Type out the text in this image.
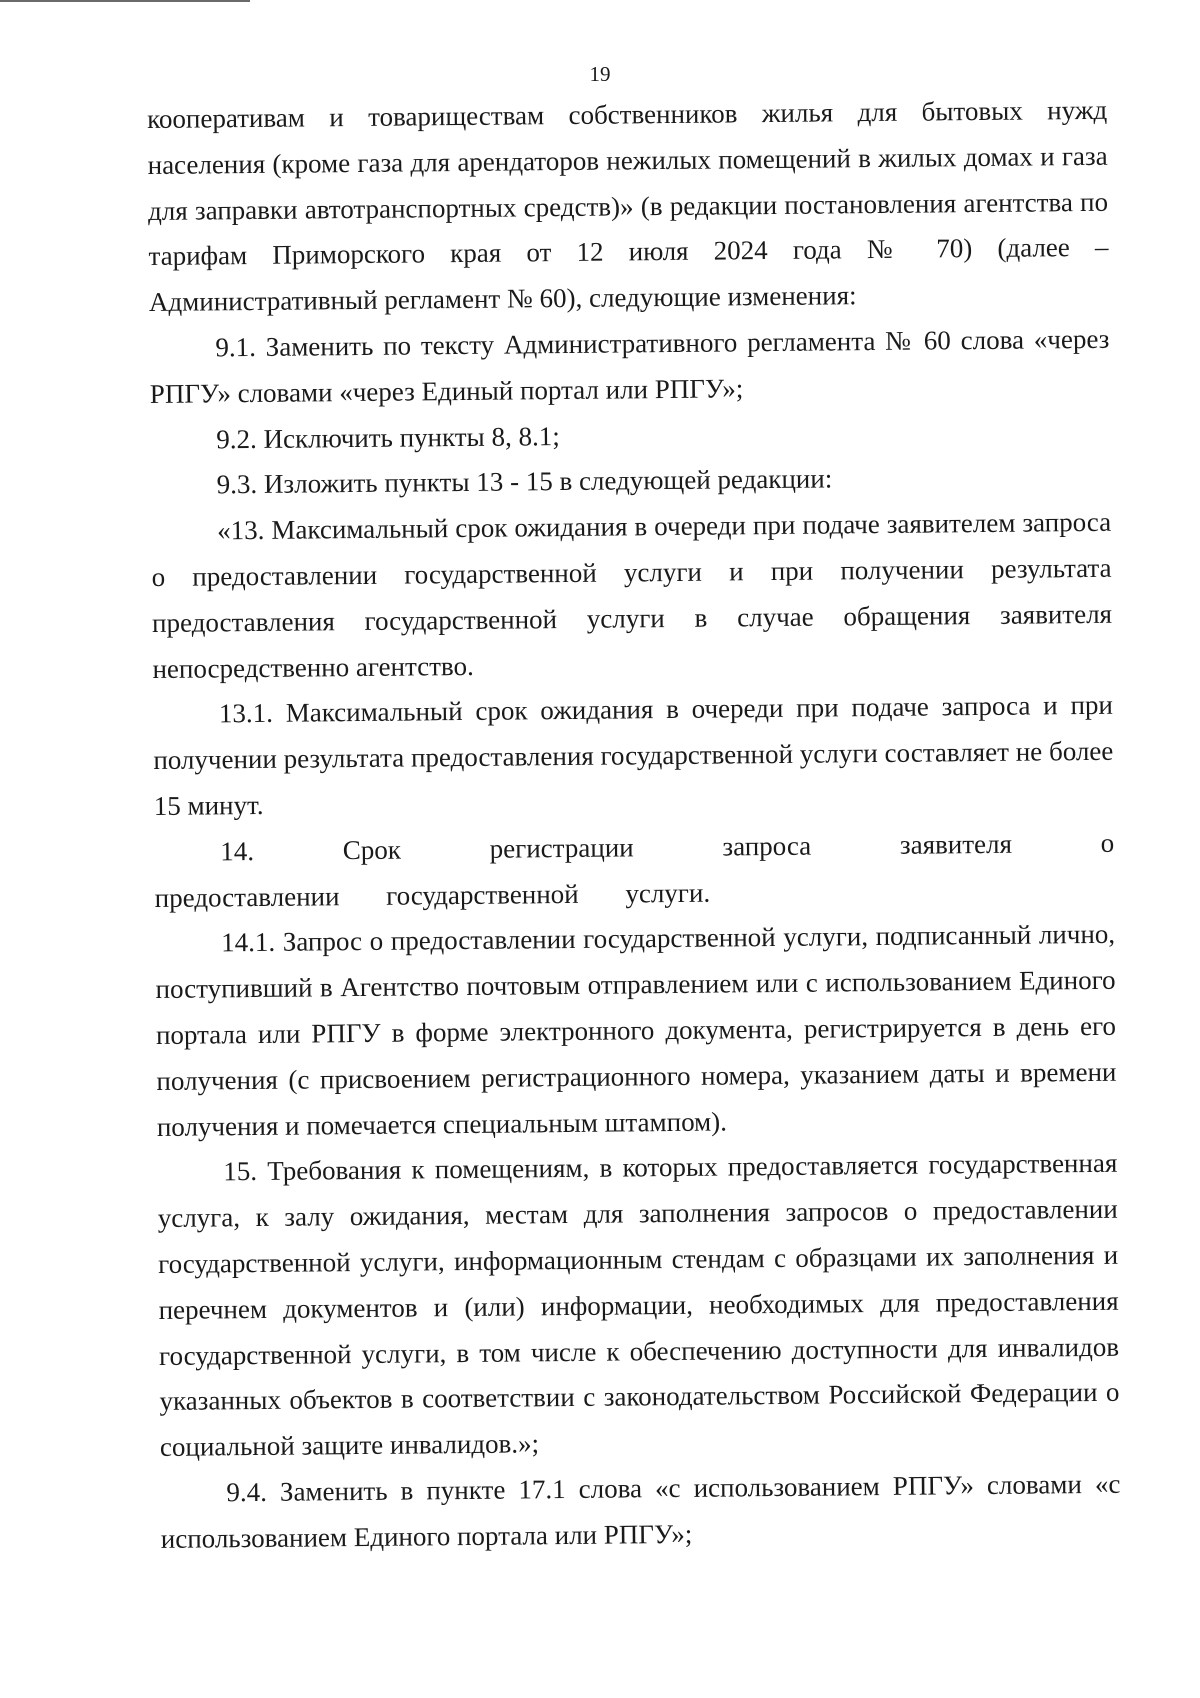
19

кооперативам и товариществам собственников жилья для бытовых нужд населения (кроме газа для арендаторов нежилых помещений в жилых домах и газа для заправки автотранспортных средств)» (в редакции постановления агентства по тарифам Приморского края от 12 июля 2024 года № 70) (далее – Административный регламент № 60), следующие изменения:

9.1. Заменить по тексту Административного регламента № 60 слова «через РПГУ» словами «через Единый портал или РПГУ»;

9.2. Исключить пункты 8, 8.1;

9.3. Изложить пункты 13 - 15 в следующей редакции:

«13. Максимальный срок ожидания в очереди при подаче заявителем запроса о предоставлении государственной услуги и при получении результата предоставления государственной услуги в случае обращения заявителя непосредственно агентство.

13.1. Максимальный срок ожидания в очереди при подаче запроса и при получении результата предоставления государственной услуги составляет не более 15 минут.

14. Срок регистрации запроса заявителя о предоставлении государственной услуги.

14.1. Запрос о предоставлении государственной услуги, подписанный лично, поступивший в Агентство почтовым отправлением или с использованием Единого портала или РПГУ в форме электронного документа, регистрируется в день его получения (с присвоением регистрационного номера, указанием даты и времени получения и помечается специальным штампом).

15. Требования к помещениям, в которых предоставляется государственная услуга, к залу ожидания, местам для заполнения запросов о предоставлении государственной услуги, информационным стендам с образцами их заполнения и перечнем документов и (или) информации, необходимых для предоставления государственной услуги, в том числе к обеспечению доступности для инвалидов указанных объектов в соответствии с законодательством Российской Федерации о социальной защите инвалидов.»;

9.4. Заменить в пункте 17.1 слова «с использованием РПГУ» словами «с использованием Единого портала или РПГУ»;
